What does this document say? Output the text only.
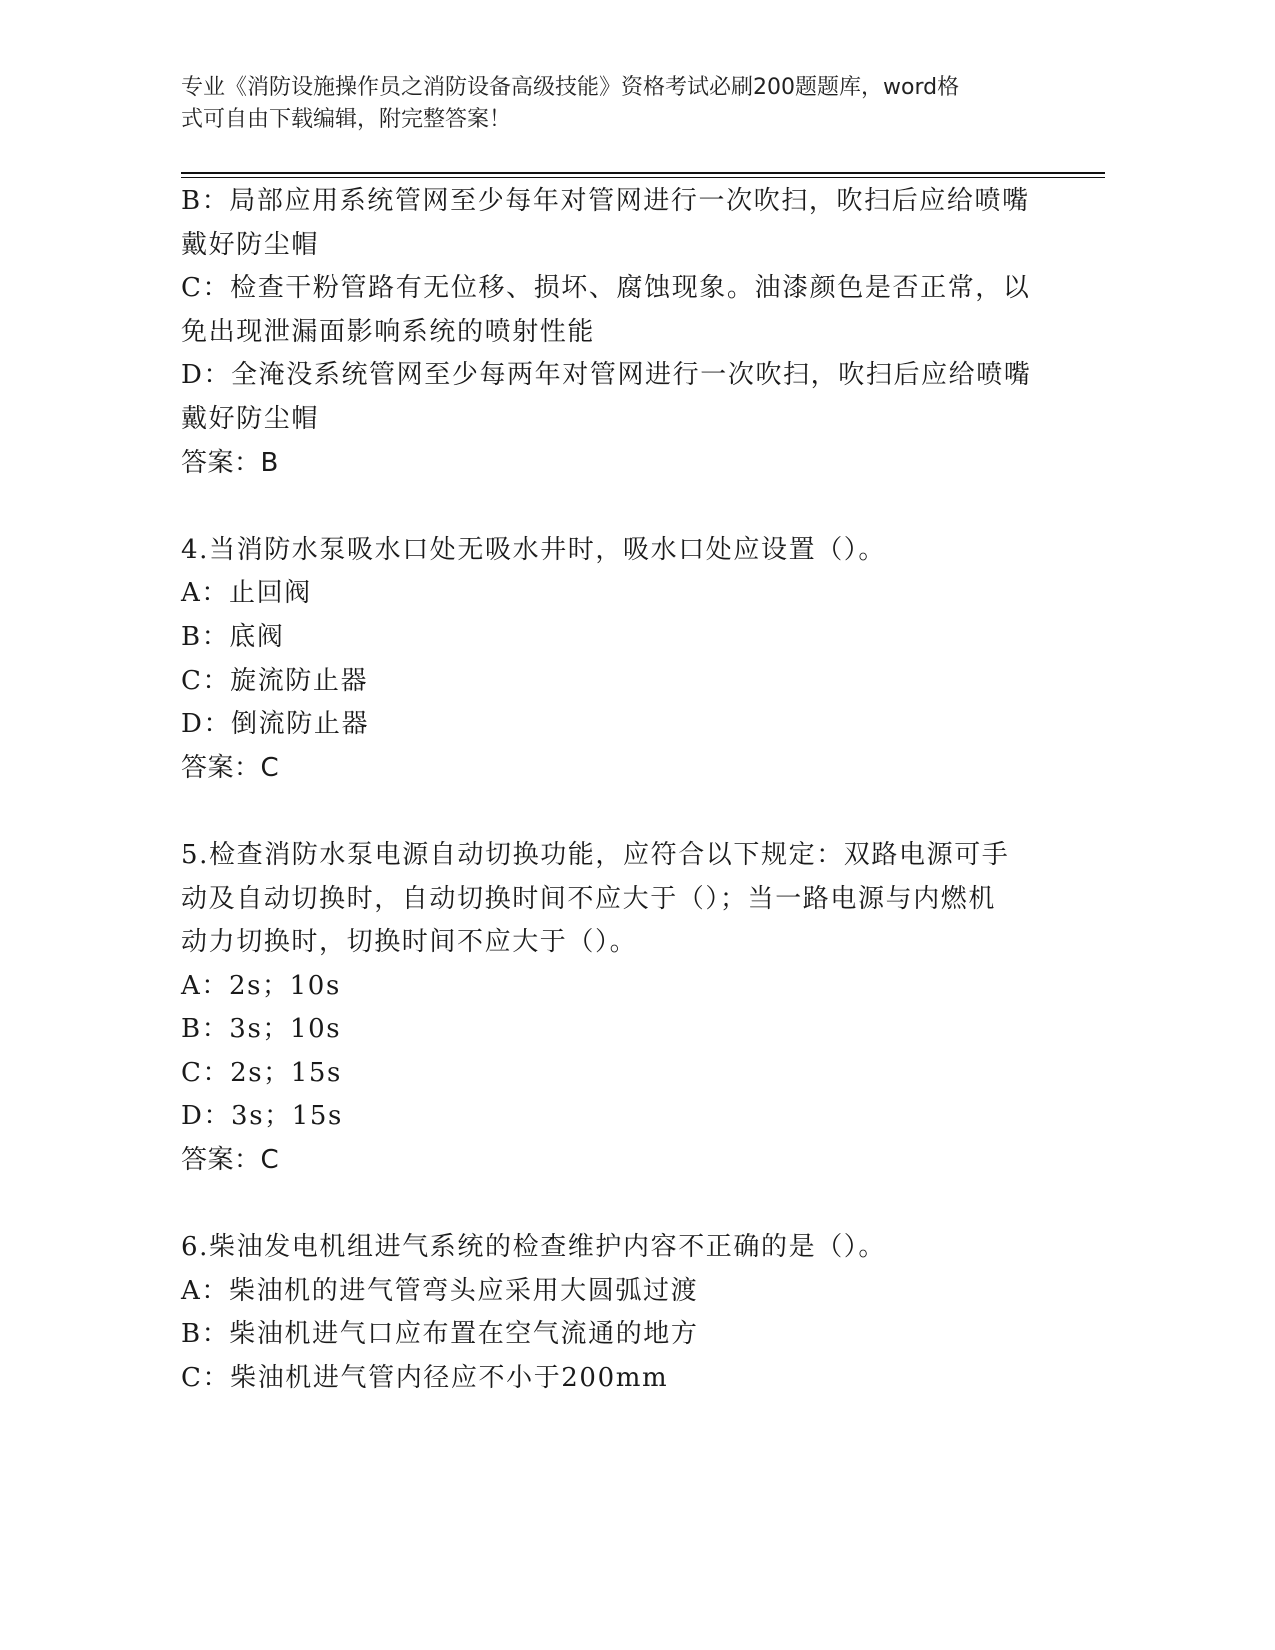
专业《消防设施操作员之消防设备高级技能》资格考试必刷200题题库，word格
式可自由下载编辑，附完整答案！
B：局部应用系统管网至少每年对管网进行一次吹扫，吹扫后应给喷嘴
戴好防尘帽
C：检查干粉管路有无位移、损坏、腐蚀现象。油漆颜色是否正常，以
免出现泄漏面影响系统的喷射性能
D：全淹没系统管网至少每两年对管网进行一次吹扫，吹扫后应给喷嘴
戴好防尘帽
答案：B
4.当消防水泵吸水口处无吸水井时，吸水口处应设置（）。
A：止回阀
B：底阀
C：旋流防止器
D：倒流防止器
答案：C
5.检查消防水泵电源自动切换功能，应符合以下规定：双路电源可手
动及自动切换时，自动切换时间不应大于（）；当一路电源与内燃机
动力切换时，切换时间不应大于（）。
A：2s；10s
B：3s；10s
C：2s；15s
D：3s；15s
答案：C
6.柴油发电机组进气系统的检查维护内容不正确的是（）。
A：柴油机的进气管弯头应采用大圆弧过渡
B：柴油机进气口应布置在空气流通的地方
C：柴油机进气管内径应不小于200mm
